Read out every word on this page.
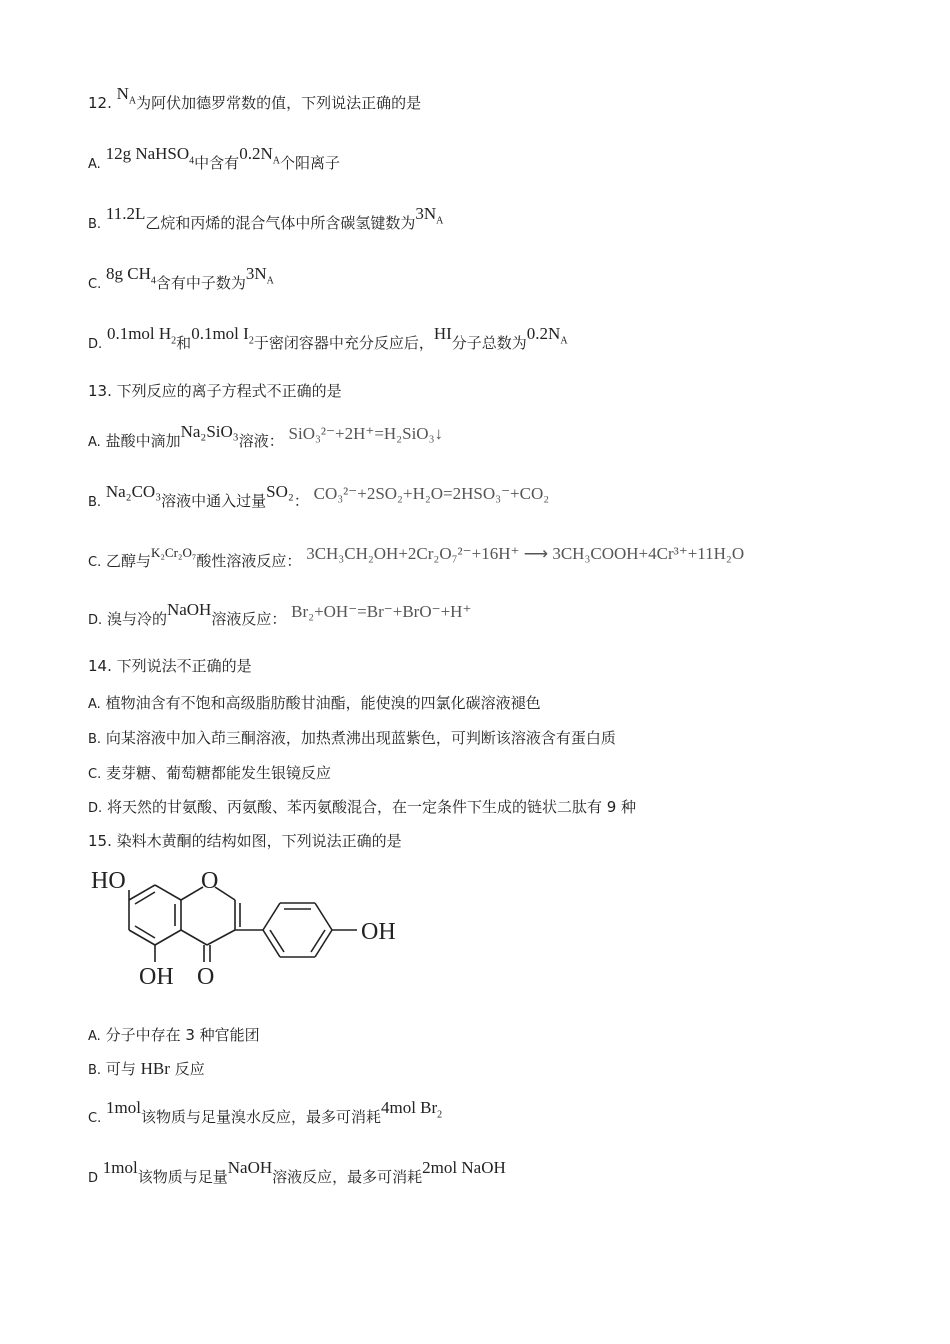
12. $N_A$为阿伏加德罗常数的值，下列说法正确的是
A. 12g NaHSO$_4$中含有$0.2N_A$个阳离子
B. 11.2L乙烷和丙烯的混合气体中所含碳氢键数为$3N_A$
C. 8g $CH_4$含有中子数为$3N_A$
D. 0.1mol $H_2$和0.1mol $I_2$于密闭容器中充分反应后，HI分子总数为$0.2N_A$
13. 下列反应的离子方程式不正确的是
A. 盐酸中滴加Na₂SiO₃溶液： SiO₃²⁻+2H⁺=H₂SiO₃↓
B. Na₂CO₃溶液中通入过量SO₂： CO₃²⁻+2SO₂+H₂O=2HSO₃⁻+CO₂
C. 乙醇与K₂Cr₂O₇酸性溶液反应： 3CH₃CH₂OH+2Cr₂O₇²⁻+16H⁺ ⟶ 3CH₃COOH+4Cr³⁺+11H₂O
D. 溴与冷的NaOH溶液反应： Br₂+OH⁻=Br⁻+BrO⁻+H⁺
14. 下列说法不正确的是
A. 植物油含有不饱和高级脂肪酸甘油酯，能使溴的四氯化碳溶液褪色
B. 向某溶液中加入茚三酮溶液，加热煮沸出现蓝紫色，可判断该溶液含有蛋白质
C. 麦芽糖、葡萄糖都能发生银镜反应
D. 将天然的甘氨酸、丙氨酸、苯丙氨酸混合，在一定条件下生成的链状二肽有 9 种
15. 染料木黄酮的结构如图，下列说法正确的是
HO	O
OH
OH O
A. 分子中存在 3 种官能团
B. 可与 HBr 反应
C. 1mol该物质与足量溴水反应，最多可消耗4mol $Br_2$
D 1mol该物质与足量NaOH溶液反应，最多可消耗2mol NaOH
